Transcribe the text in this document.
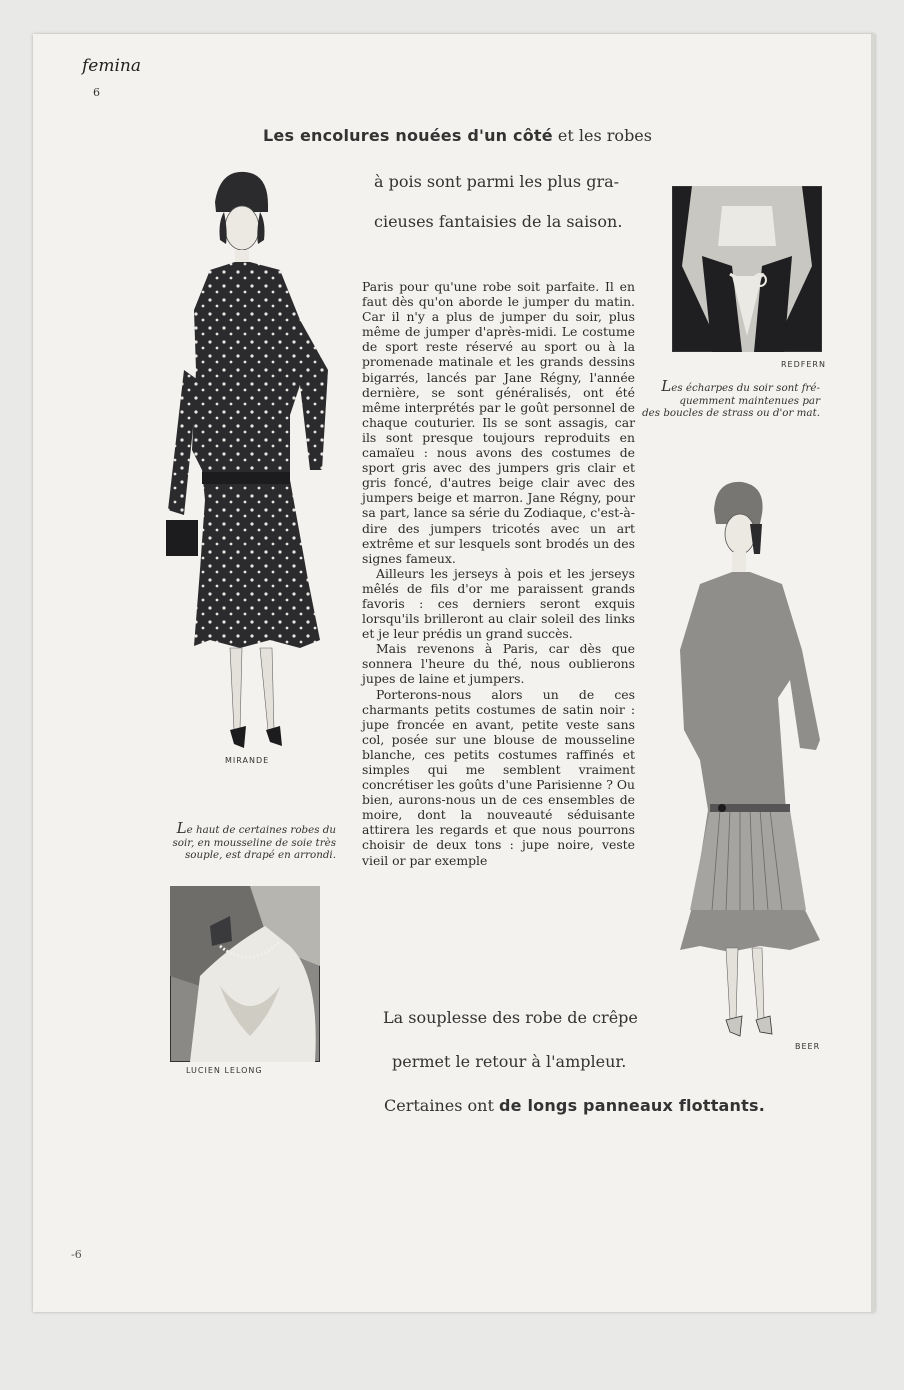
femina
6
-6
Les encolures nouées d'un côté et les robes
à pois sont parmi les plus gra-
cieuses fantaisies de la saison.

Paris pour qu'une robe soit parfaite. Il en faut dès qu'on aborde le jumper du matin. Car il n'y a plus de jumper du soir, plus même de jumper d'après-midi. Le costume de sport reste réservé au sport ou à la promenade matinale et les grands dessins bigarrés, lancés par Jane Régny, l'année dernière, se sont généralisés, ont été même interprétés par le goût personnel de chaque couturier. Ils se sont assagis, car ils sont presque toujours reproduits en camaïeu : nous avons des costumes de sport gris avec des jumpers gris clair et gris foncé, d'autres beige clair avec des jumpers beige et marron. Jane Régny, pour sa part, lance sa série du Zodiaque, c'est-à-dire des jumpers tricotés avec un art extrême et sur lesquels sont brodés un des signes fameux.

Ailleurs les jerseys à pois et les jerseys mêlés de fils d'or me paraissent grands favoris : ces derniers seront exquis lorsqu'ils brilleront au clair soleil des links et je leur prédis un grand succès.

Mais revenons à Paris, car dès que sonnera l'heure du thé, nous oublierons jupes de laine et jumpers.

Porterons-nous alors un de ces charmants petits costumes de satin noir : jupe froncée en avant, petite veste sans col, posée sur une blouse de mousseline blanche, ces petits costumes raffinés et simples qui me semblent vraiment concrétiser les goûts d'une Parisienne ? Ou bien, aurons-nous un de ces ensembles de moire, dont la nouveauté séduisante attirera les regards et que nous pourrons choisir de deux tons : jupe noire, veste vieil or par exemple

La souplesse des robe de crêpe
permet le retour à l'ampleur.
Certaines ont de longs panneaux flottants.
MIRANDE
Le haut de certaines robes du
soir, en mousseline de soie très
souple, est drapé en arrondi.
LUCIEN LELONG
REDFERN
Les écharpes du soir sont fré-
quemment maintenues par
des boucles de strass ou d'or mat.
BEER
